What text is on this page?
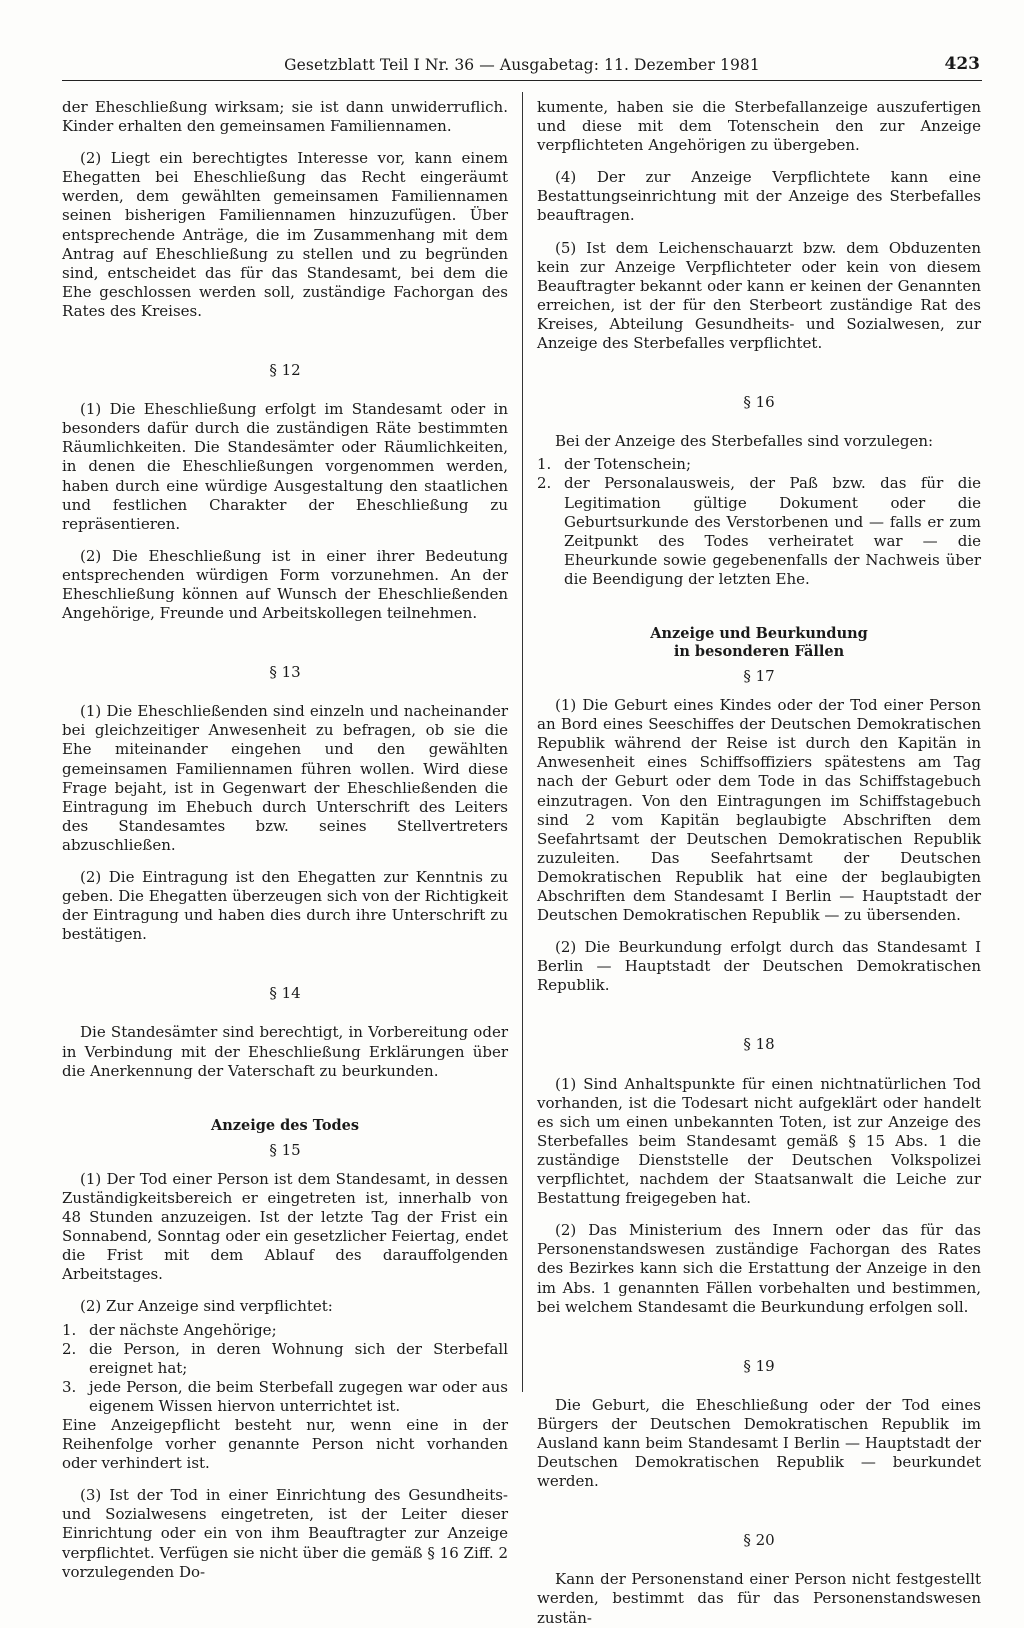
Gesetzblatt Teil I Nr. 36 — Ausgabetag: 11. Dezember 1981	423

der Eheschließung wirksam; sie ist dann unwiderruflich. Kinder erhalten den gemeinsamen Familiennamen.

(2) Liegt ein berechtigtes Interesse vor, kann einem Ehegatten bei Eheschließung das Recht eingeräumt werden, dem gewählten gemeinsamen Familiennamen seinen bisherigen Familiennamen hinzuzufügen. Über entsprechende Anträge, die im Zusammenhang mit dem Antrag auf Eheschließung zu stellen und zu begründen sind, entscheidet das für das Standesamt, bei dem die Ehe geschlossen werden soll, zuständige Fachorgan des Rates des Kreises.

§ 12

(1) Die Eheschließung erfolgt im Standesamt oder in besonders dafür durch die zuständigen Räte bestimmten Räumlichkeiten. Die Standesämter oder Räumlichkeiten, in denen die Eheschließungen vorgenommen werden, haben durch eine würdige Ausgestaltung den staatlichen und festlichen Charakter der Eheschließung zu repräsentieren.

(2) Die Eheschließung ist in einer ihrer Bedeutung entsprechenden würdigen Form vorzunehmen. An der Eheschließung können auf Wunsch der Eheschließenden Angehörige, Freunde und Arbeitskollegen teilnehmen.

§ 13

(1) Die Eheschließenden sind einzeln und nacheinander bei gleichzeitiger Anwesenheit zu befragen, ob sie die Ehe miteinander eingehen und den gewählten gemeinsamen Familiennamen führen wollen. Wird diese Frage bejaht, ist in Gegenwart der Eheschließenden die Eintragung im Ehebuch durch Unterschrift des Leiters des Standesamtes bzw. seines Stellvertreters abzuschließen.

(2) Die Eintragung ist den Ehegatten zur Kenntnis zu geben. Die Ehegatten überzeugen sich von der Richtigkeit der Eintragung und haben dies durch ihre Unterschrift zu bestätigen.

§ 14

Die Standesämter sind berechtigt, in Vorbereitung oder in Verbindung mit der Eheschließung Erklärungen über die Anerkennung der Vaterschaft zu beurkunden.

Anzeige des Todes
§ 15

(1) Der Tod einer Person ist dem Standesamt, in dessen Zuständigkeitsbereich er eingetreten ist, innerhalb von 48 Stunden anzuzeigen. Ist der letzte Tag der Frist ein Sonnabend, Sonntag oder ein gesetzlicher Feiertag, endet die Frist mit dem Ablauf des darauffolgenden Arbeitstages.

(2) Zur Anzeige sind verpflichtet:

1. der nächste Angehörige;
2. die Person, in deren Wohnung sich der Sterbefall ereignet hat;
3. jede Person, die beim Sterbefall zugegen war oder aus eigenem Wissen hiervon unterrichtet ist.

Eine Anzeigepflicht besteht nur, wenn eine in der Reihenfolge vorher genannte Person nicht vorhanden oder verhindert ist.

(3) Ist der Tod in einer Einrichtung des Gesundheits- und Sozialwesens eingetreten, ist der Leiter dieser Einrichtung oder ein von ihm Beauftragter zur Anzeige verpflichtet. Verfügen sie nicht über die gemäß § 16 Ziff. 2 vorzulegenden Do-

kumente, haben sie die Sterbefallanzeige auszufertigen und diese mit dem Totenschein den zur Anzeige verpflichteten Angehörigen zu übergeben.

(4) Der zur Anzeige Verpflichtete kann eine Bestattungseinrichtung mit der Anzeige des Sterbefalles beauftragen.

(5) Ist dem Leichenschauarzt bzw. dem Obduzenten kein zur Anzeige Verpflichteter oder kein von diesem Beauftragter bekannt oder kann er keinen der Genannten erreichen, ist der für den Sterbeort zuständige Rat des Kreises, Abteilung Gesundheits- und Sozialwesen, zur Anzeige des Sterbefalles verpflichtet.

§ 16

Bei der Anzeige des Sterbefalles sind vorzulegen:

1. der Totenschein;
2. der Personalausweis, der Paß bzw. das für die Legitimation gültige Dokument oder die Geburtsurkunde des Verstorbenen und — falls er zum Zeitpunkt des Todes verheiratet war — die Eheurkunde sowie gegebenenfalls der Nachweis über die Beendigung der letzten Ehe.
Anzeige und Beurkundung
in besonderen Fällen
§ 17

(1) Die Geburt eines Kindes oder der Tod einer Person an Bord eines Seeschiffes der Deutschen Demokratischen Republik während der Reise ist durch den Kapitän in Anwesenheit eines Schiffsoffiziers spätestens am Tag nach der Geburt oder dem Tode in das Schiffstagebuch einzutragen. Von den Eintragungen im Schiffstagebuch sind 2 vom Kapitän beglaubigte Abschriften dem Seefahrtsamt der Deutschen Demokratischen Republik zuzuleiten. Das Seefahrtsamt der Deutschen Demokratischen Republik hat eine der beglaubigten Abschriften dem Standesamt I Berlin — Hauptstadt der Deutschen Demokratischen Republik — zu übersenden.

(2) Die Beurkundung erfolgt durch das Standesamt I Berlin — Hauptstadt der Deutschen Demokratischen Republik.

§ 18

(1) Sind Anhaltspunkte für einen nichtnatürlichen Tod vorhanden, ist die Todesart nicht aufgeklärt oder handelt es sich um einen unbekannten Toten, ist zur Anzeige des Sterbefalles beim Standesamt gemäß § 15 Abs. 1 die zuständige Dienststelle der Deutschen Volkspolizei verpflichtet, nachdem der Staatsanwalt die Leiche zur Bestattung freigegeben hat.

(2) Das Ministerium des Innern oder das für das Personenstandswesen zuständige Fachorgan des Rates des Bezirkes kann sich die Erstattung der Anzeige in den im Abs. 1 genannten Fällen vorbehalten und bestimmen, bei welchem Standesamt die Beurkundung erfolgen soll.

§ 19

Die Geburt, die Eheschließung oder der Tod eines Bürgers der Deutschen Demokratischen Republik im Ausland kann beim Standesamt I Berlin — Hauptstadt der Deutschen Demokratischen Republik — beurkundet werden.

§ 20

Kann der Personenstand einer Person nicht festgestellt werden, bestimmt das für das Personenstandswesen zustän-
